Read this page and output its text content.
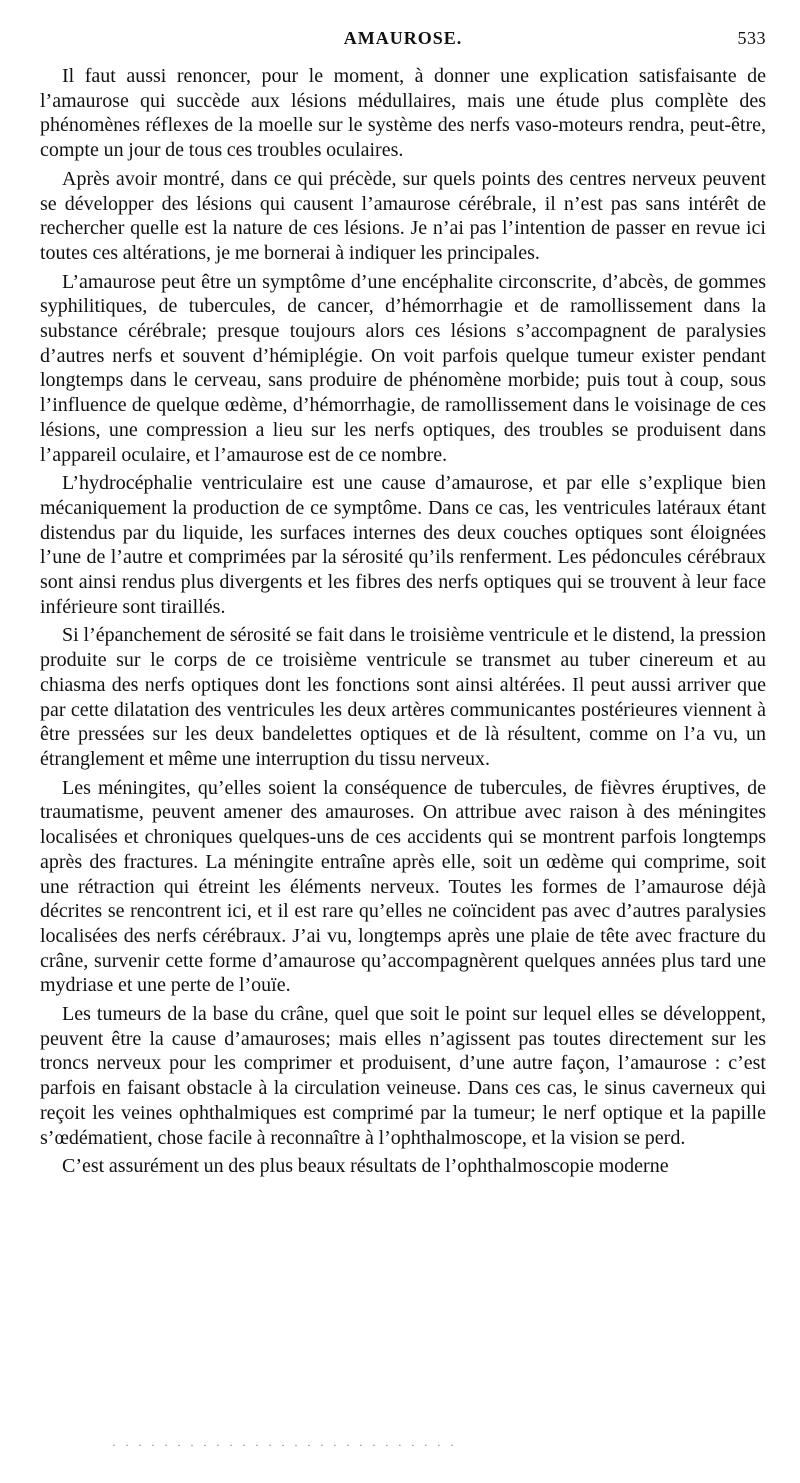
AMAUROSE.	533

Il faut aussi renoncer, pour le moment, à donner une explication satisfaisante de l’amaurose qui succède aux lésions médullaires, mais une étude plus complète des phénomènes réflexes de la moelle sur le système des nerfs vaso-moteurs rendra, peut-être, compte un jour de tous ces troubles oculaires.

Après avoir montré, dans ce qui précède, sur quels points des centres nerveux peuvent se développer des lésions qui causent l’amaurose cérébrale, il n’est pas sans intérêt de rechercher quelle est la nature de ces lésions. Je n’ai pas l’intention de passer en revue ici toutes ces altérations, je me bornerai à indiquer les principales.

L’amaurose peut être un symptôme d’une encéphalite circonscrite, d’abcès, de gommes syphilitiques, de tubercules, de cancer, d’hémorrhagie et de ramollissement dans la substance cérébrale; presque toujours alors ces lésions s’accompagnent de paralysies d’autres nerfs et souvent d’hémiplégie. On voit parfois quelque tumeur exister pendant longtemps dans le cerveau, sans produire de phénomène morbide; puis tout à coup, sous l’influence de quelque œdème, d’hémorrhagie, de ramollissement dans le voisinage de ces lésions, une compression a lieu sur les nerfs optiques, des troubles se produisent dans l’appareil oculaire, et l’amaurose est de ce nombre.

L’hydrocéphalie ventriculaire est une cause d’amaurose, et par elle s’explique bien mécaniquement la production de ce symptôme. Dans ce cas, les ventricules latéraux étant distendus par du liquide, les surfaces internes des deux couches optiques sont éloignées l’une de l’autre et comprimées par la sérosité qu’ils renferment. Les pédoncules cérébraux sont ainsi rendus plus divergents et les fibres des nerfs optiques qui se trouvent à leur face inférieure sont tiraillés.

Si l’épanchement de sérosité se fait dans le troisième ventricule et le distend, la pression produite sur le corps de ce troisième ventricule se transmet au tuber cinereum et au chiasma des nerfs optiques dont les fonctions sont ainsi altérées. Il peut aussi arriver que par cette dilatation des ventricules les deux artères communicantes postérieures viennent à être pressées sur les deux bandelettes optiques et de là résultent, comme on l’a vu, un étranglement et même une interruption du tissu nerveux.

Les méningites, qu’elles soient la conséquence de tubercules, de fièvres éruptives, de traumatisme, peuvent amener des amauroses. On attribue avec raison à des méningites localisées et chroniques quelques-uns de ces accidents qui se montrent parfois longtemps après des fractures. La méningite entraîne après elle, soit un œdème qui comprime, soit une rétraction qui étreint les éléments nerveux. Toutes les formes de l’amaurose déjà décrites se rencontrent ici, et il est rare qu’elles ne coïncident pas avec d’autres paralysies localisées des nerfs cérébraux. J’ai vu, longtemps après une plaie de tête avec fracture du crâne, survenir cette forme d’amaurose qu’accompagnèrent quelques années plus tard une mydriase et une perte de l’ouïe.

Les tumeurs de la base du crâne, quel que soit le point sur lequel elles se développent, peuvent être la cause d’amauroses; mais elles n’agissent pas toutes directement sur les troncs nerveux pour les comprimer et produisent, d’une autre façon, l’amaurose : c’est parfois en faisant obstacle à la circulation veineuse. Dans ces cas, le sinus caverneux qui reçoit les veines ophthalmiques est comprimé par la tumeur; le nerf optique et la papille s’œdématient, chose facile à reconnaître à l’ophthalmoscope, et la vision se perd.

C’est assurément un des plus beaux résultats de l’ophthalmoscopie moderne

· · · · · · · · · · · · · · · · · · · · · · · · · · ·
